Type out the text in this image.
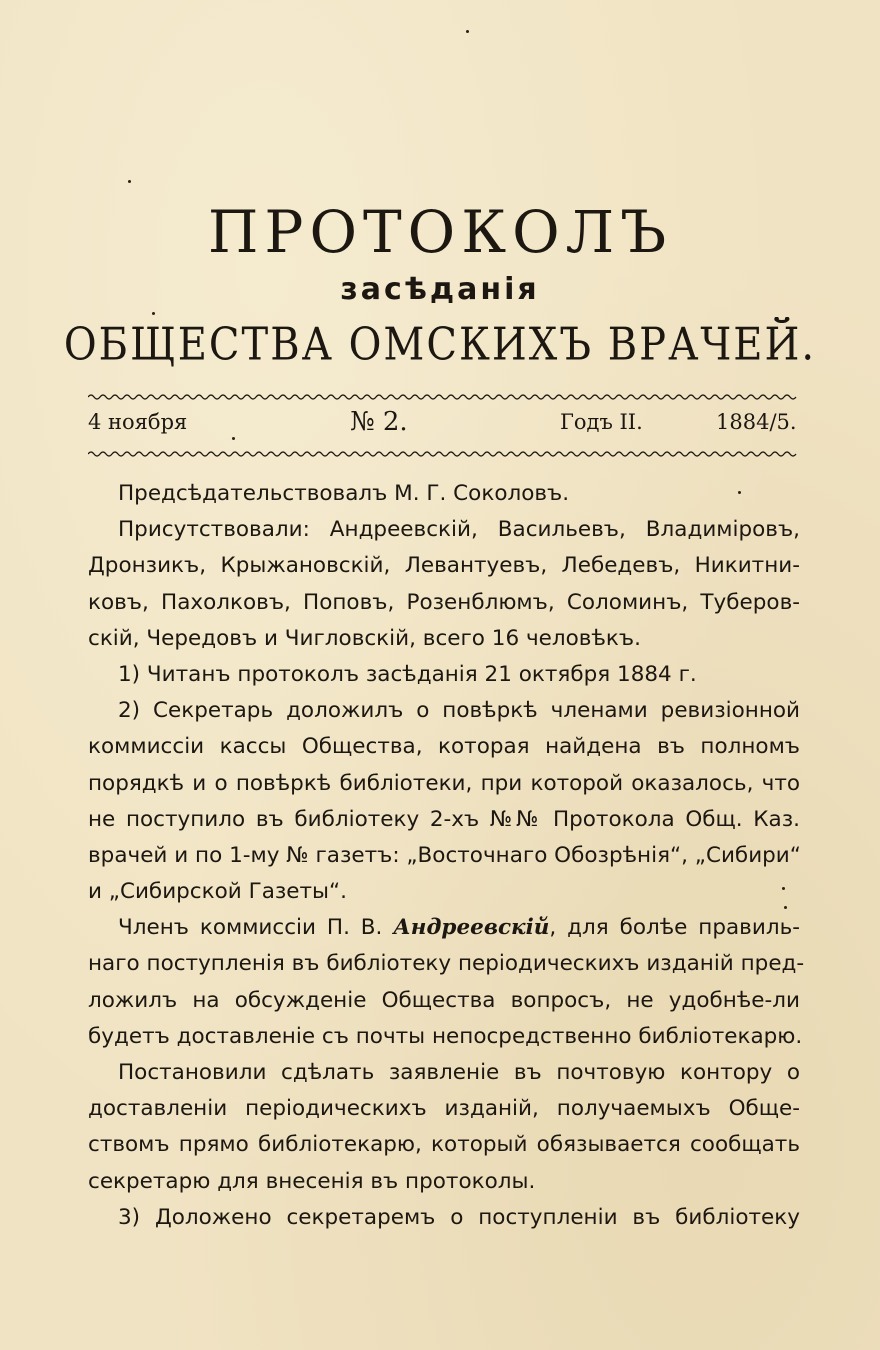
ПРОТОКОЛЪ
засѣданія
ОБЩЕСТВА ОМСКИХЪ ВРАЧЕЙ.
4 ноября	№ 2.	Годъ II.	1884/5.
Предсѣдательствовалъ М. Г. Соколовъ.
Присутствовали: Андреевскій, Васильевъ, Владиміровъ,
Дронзикъ, Крыжановскій, Левантуевъ, Лебедевъ, Никитни-
ковъ, Пахолковъ, Поповъ, Розенблюмъ, Соломинъ, Туберов-
скій, Чередовъ и Чигловскій, всего 16 человѣкъ.
1) Читанъ протоколъ засѣданія 21 октября 1884 г.
2) Секретарь доложилъ о повѣркѣ членами ревизіонной
коммиссіи кассы Общества, которая найдена въ полномъ
порядкѣ и о повѣркѣ библіотеки, при которой оказалось, что
не поступило въ библіотеку 2-хъ №№ Протокола Общ. Каз.
врачей и по 1-му № газетъ: „Восточнаго Обозрѣнія“, „Сибири“
и „Сибирской Газеты“.
Членъ коммиссіи П. В. Андреевскій, для болѣе правиль-
наго поступленія въ библіотеку періодическихъ изданій пред-
ложилъ на обсужденіе Общества вопросъ, не удобнѣе-ли
будетъ доставленіе съ почты непосредственно библіотекарю.
Постановили сдѣлать заявленіе въ почтовую контору о
доставленіи періодическихъ изданій, получаемыхъ Обще-
ствомъ прямо библіотекарю, который обязывается сообщать
секретарю для внесенія въ протоколы.
3) Доложено секретаремъ о поступленіи въ библіотеку
